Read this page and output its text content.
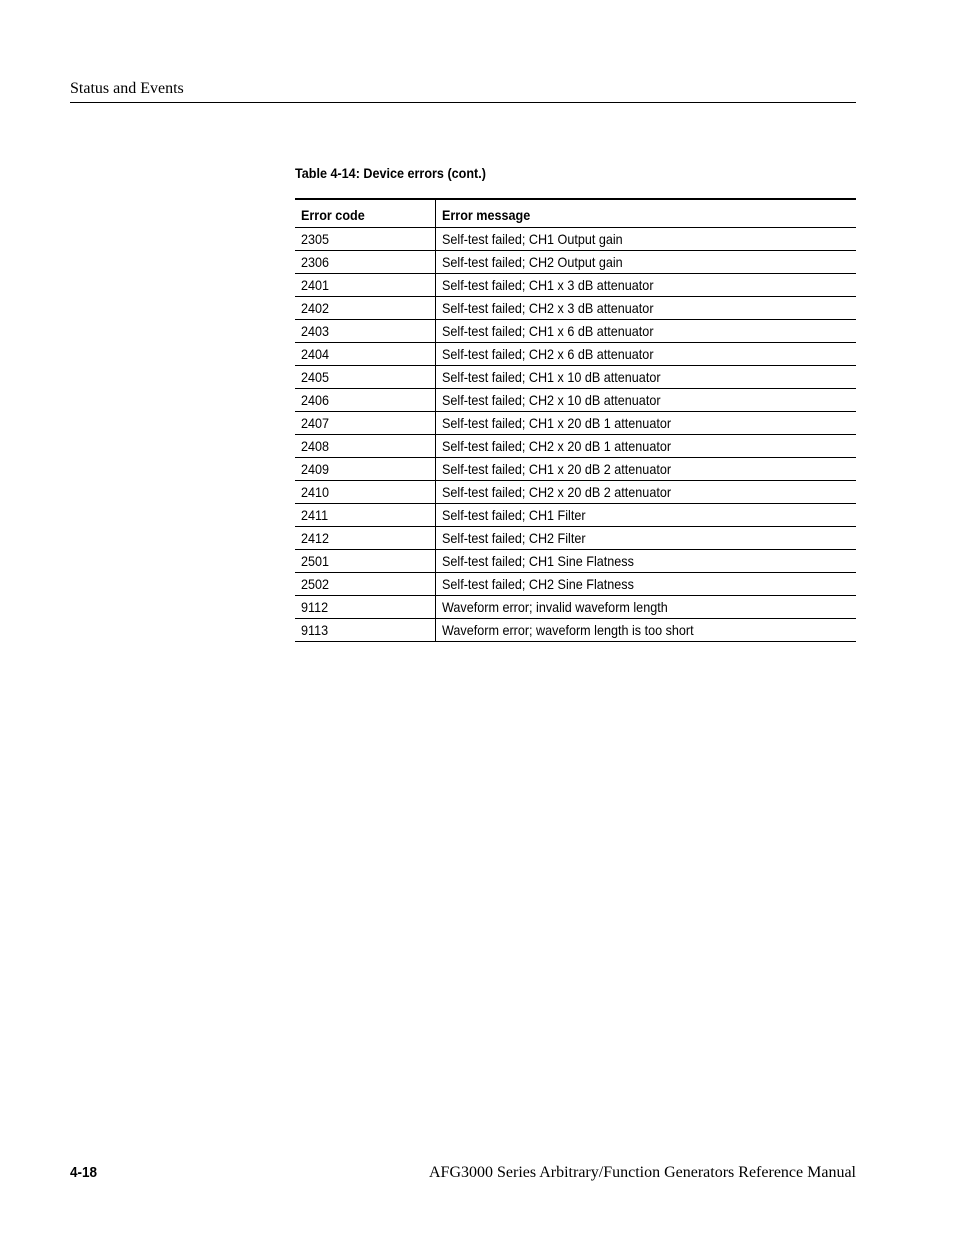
Status and Events
Table 4-14: Device errors (cont.)
Error code	Error message
2305	Self-test failed; CH1 Output gain
2306	Self-test failed; CH2 Output gain
2401	Self-test failed; CH1 x 3 dB attenuator
2402	Self-test failed; CH2 x 3 dB attenuator
2403	Self-test failed; CH1 x 6 dB attenuator
2404	Self-test failed; CH2 x 6 dB attenuator
2405	Self-test failed; CH1 x 10 dB attenuator
2406	Self-test failed; CH2 x 10 dB attenuator
2407	Self-test failed; CH1 x 20 dB 1 attenuator
2408	Self-test failed; CH2 x 20 dB 1 attenuator
2409	Self-test failed; CH1 x 20 dB 2 attenuator
2410	Self-test failed; CH2 x 20 dB 2 attenuator
2411	Self-test failed; CH1 Filter
2412	Self-test failed; CH2 Filter
2501	Self-test failed; CH1 Sine Flatness
2502	Self-test failed; CH2 Sine Flatness
9112	Waveform error; invalid waveform length
9113	Waveform error; waveform length is too short
4-18	AFG3000 Series Arbitrary/Function Generators Reference Manual
